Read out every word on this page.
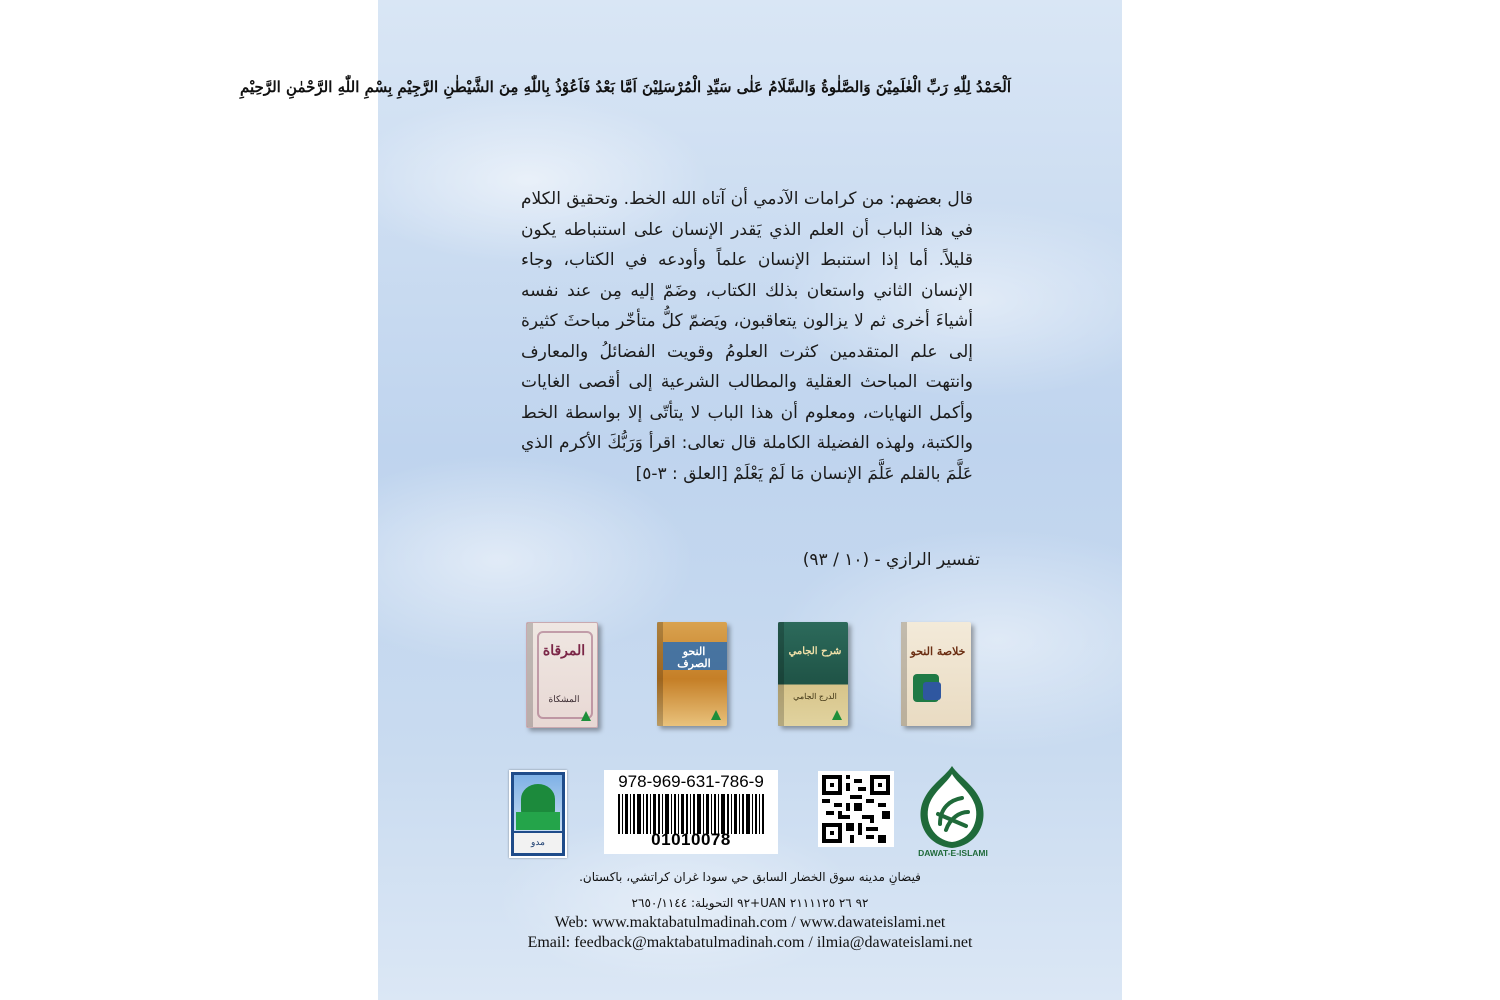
اَلْحَمْدُ لِلّٰهِ رَبِّ الْعٰلَمِيْنَ وَالصَّلٰوةُ وَالسَّلَامُ عَلٰى سَيِّدِ الْمُرْسَلِيْنَ اَمَّا بَعْدُ فَاَعُوْذُ بِاللّٰهِ مِنَ الشَّيْطٰنِ الرَّجِيْمِ بِسْمِ اللّٰهِ الرَّحْمٰنِ الرَّحِيْمِ

قال بعضهم: من كرامات الآدمي أن آتاه الله الخط. وتحقيق الكلام في هذا الباب أن العلم الذي يَقدر الإنسان على استنباطه يكون قليلاً. أما إذا استنبط الإنسان علماً وأودعه في الكتاب، وجاء الإنسان الثاني واستعان بذلك الكتاب، وضَمّ إليه مِن عند نفسه أشياءَ أخرى ثم لا يزالون يتعاقبون، ويَضمّ كلُّ متأخّر مباحثَ كثيرة إلى علم المتقدمين كثرت العلومُ وقويت الفضائلُ والمعارف وانتهت المباحث العقلية والمطالب الشرعية إلى أقصى الغايات وأكمل النهايات، ومعلوم أن هذا الباب لا يتأتّى إلا بواسطة الخط والكتبة، ولهذه الفضيلة الكاملة قال تعالى: اقرأ وَرَبُّكَ الأكرم الذي عَلَّمَ بالقلم عَلَّمَ الإنسان مَا لَمْ يَعْلَمْ [العلق : ٣-٥]

تفسير الرازي - (١٠ / ٩٣)
المرقاة
المشكاة
النحو الصرف
شرح الجامي
الدرج الجامي
خلاصة النحو
مدو
978-969-631-786-9
01010078
DAWAT-E-ISLAMI
فيضانِ مدينه سوق الخضار السابق حي سودا غران كراتشي، باكستان.
٩٢ ٢٦ ٢١١١١٢٥ UAN+٩٢ التحويلة: ٢٦٥٠/١١٤٤
Web: www.maktabatulmadinah.com / www.dawateislami.net
Email: feedback@maktabatulmadinah.com / ilmia@dawateislami.net
